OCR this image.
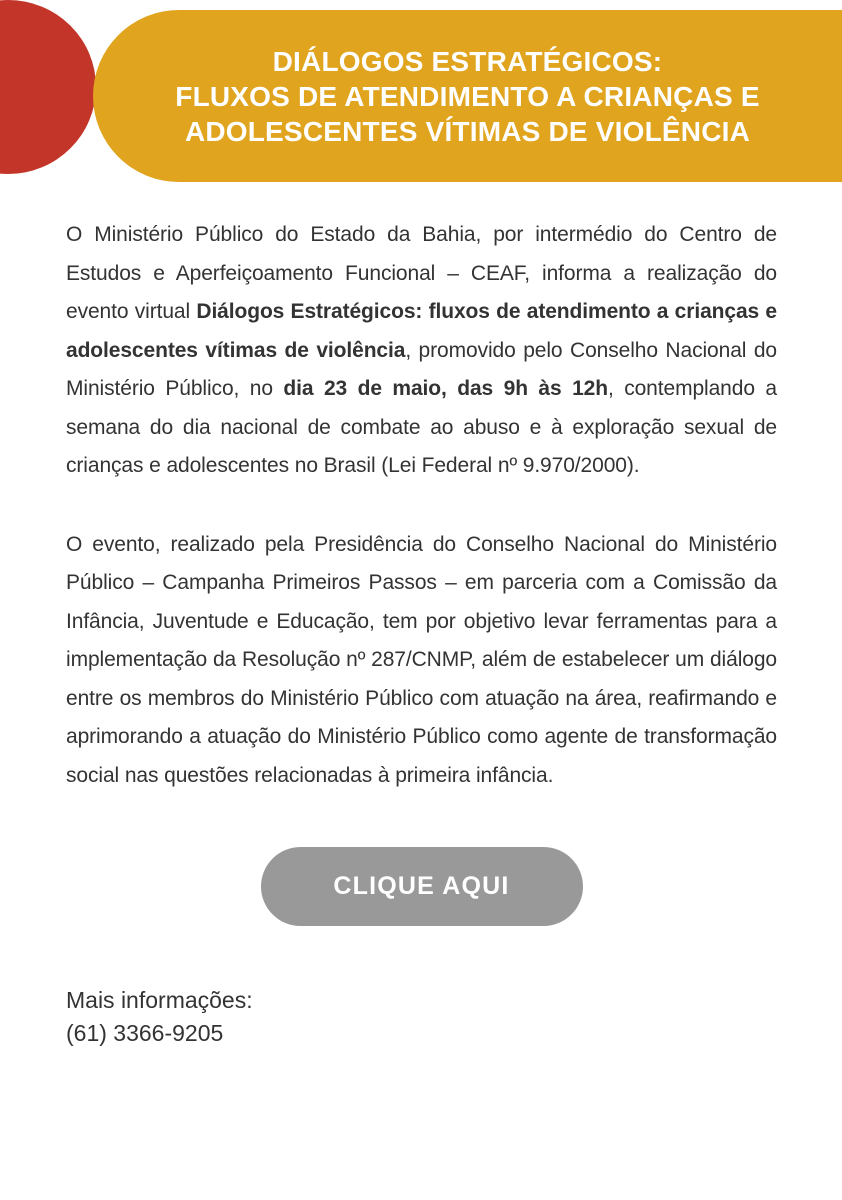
DIÁLOGOS ESTRATÉGICOS:
FLUXOS DE ATENDIMENTO A CRIANÇAS E
ADOLESCENTES VÍTIMAS DE VIOLÊNCIA

O Ministério Público do Estado da Bahia, por intermédio do Centro de Estudos e Aperfeiçoamento Funcional – CEAF, informa a realização do evento virtual Diálogos Estratégicos: fluxos de atendimento a crianças e adolescentes vítimas de violência, promovido pelo Conselho Nacional do Ministério Público, no dia 23 de maio, das 9h às 12h, contemplando a semana do dia nacional de combate ao abuso e à exploração sexual de crianças e adolescentes no Brasil (Lei Federal nº 9.970/2000).

O evento, realizado pela Presidência do Conselho Nacional do Ministério Público – Campanha Primeiros Passos – em parceria com a Comissão da Infância, Juventude e Educação, tem por objetivo levar ferramentas para a implementação da Resolução nº 287/CNMP, além de estabelecer um diálogo entre os membros do Ministério Público com atuação na área, reafirmando e aprimorando a atuação do Ministério Público como agente de transformação social nas questões relacionadas à primeira infância.

CLIQUE AQUI
Mais informações:
(61) 3366-9205
